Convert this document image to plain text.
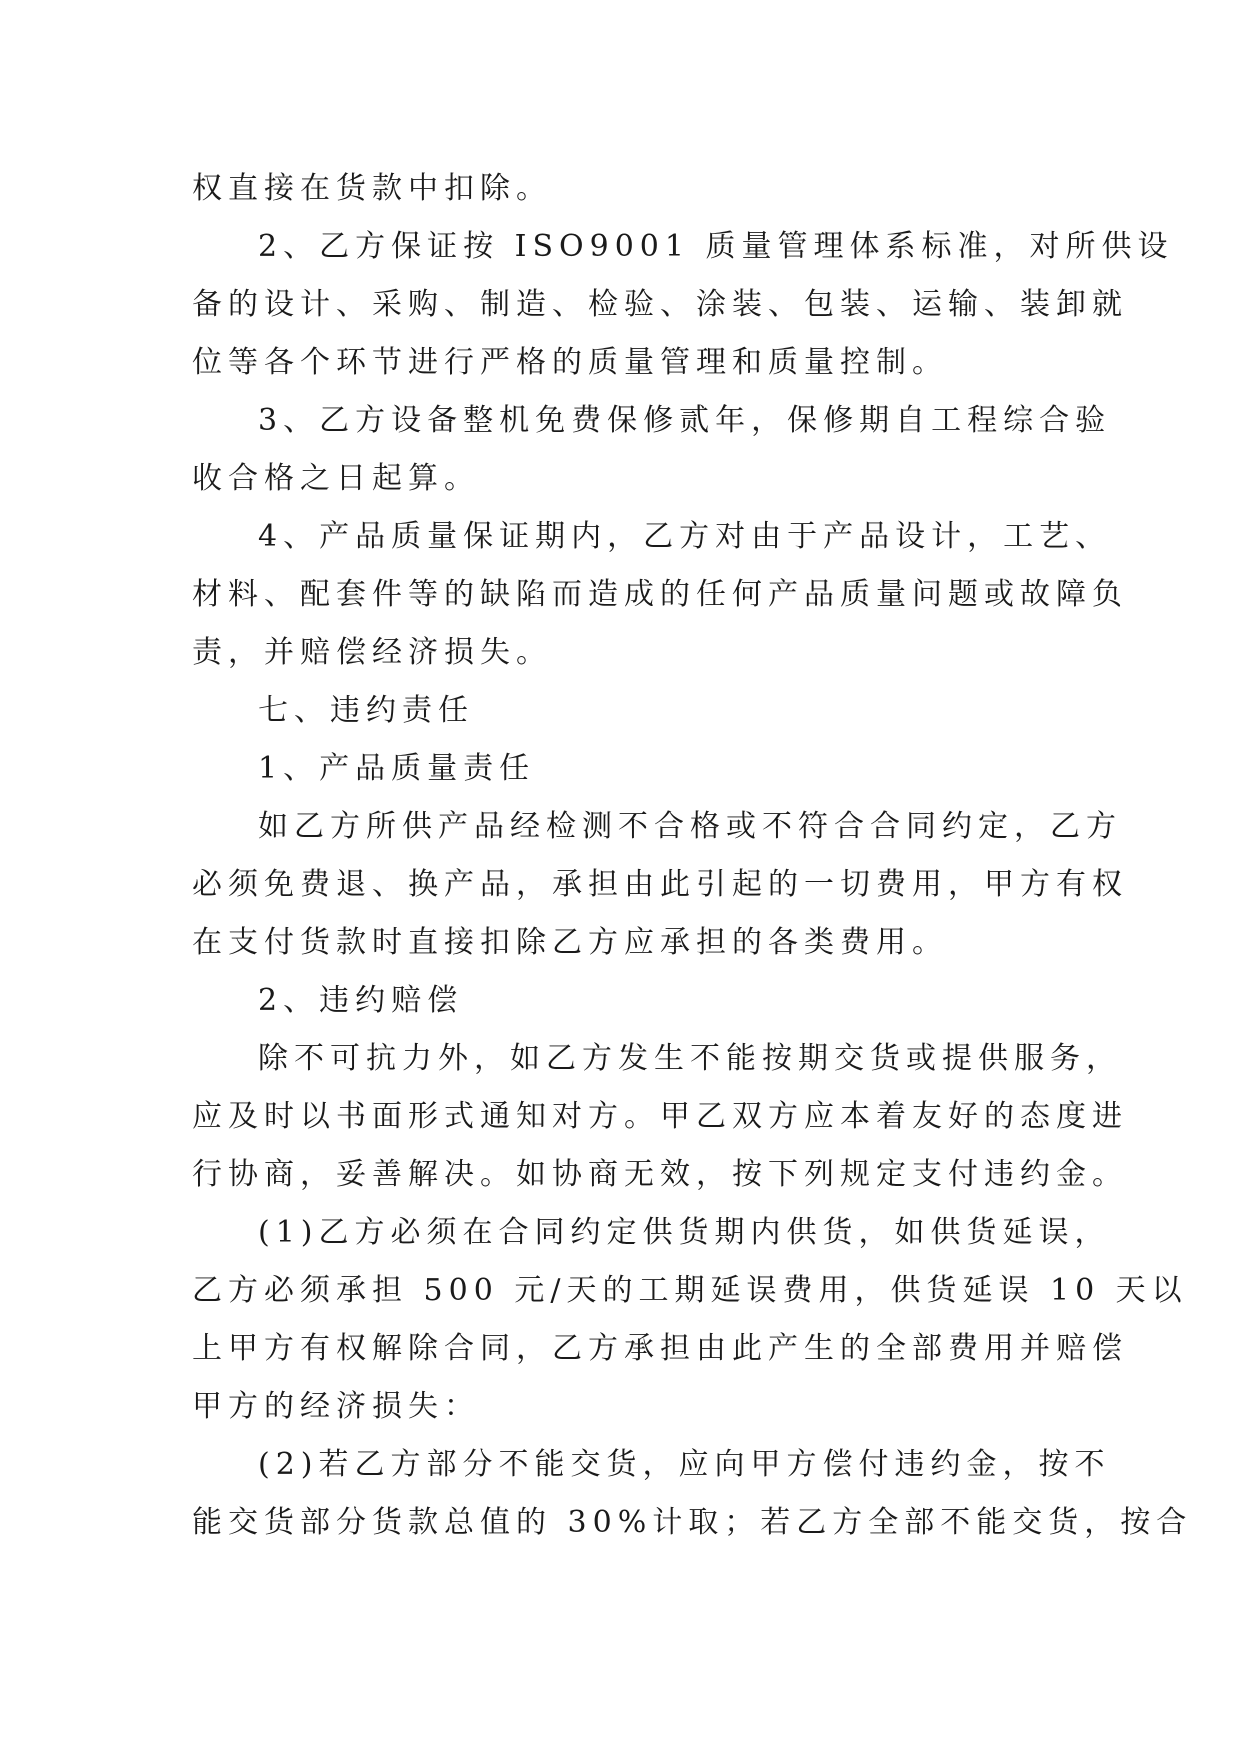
权直接在货款中扣除。
2、乙方保证按 ISO9001 质量管理体系标准，对所供设
备的设计、采购、制造、检验、涂装、包装、运输、装卸就
位等各个环节进行严格的质量管理和质量控制。
3、乙方设备整机免费保修贰年，保修期自工程综合验
收合格之日起算。
4、产品质量保证期内，乙方对由于产品设计，工艺、
材料、配套件等的缺陷而造成的任何产品质量问题或故障负
责，并赔偿经济损失。
七、违约责任
1、产品质量责任
如乙方所供产品经检测不合格或不符合合同约定，乙方
必须免费退、换产品，承担由此引起的一切费用，甲方有权
在支付货款时直接扣除乙方应承担的各类费用。
2、违约赔偿
除不可抗力外，如乙方发生不能按期交货或提供服务，
应及时以书面形式通知对方。甲乙双方应本着友好的态度进
行协商，妥善解决。如协商无效，按下列规定支付违约金。
(1)乙方必须在合同约定供货期内供货，如供货延误，
乙方必须承担 500 元/天的工期延误费用，供货延误 10 天以
上甲方有权解除合同，乙方承担由此产生的全部费用并赔偿
甲方的经济损失：
(2)若乙方部分不能交货，应向甲方偿付违约金，按不
能交货部分货款总值的 30%计取；若乙方全部不能交货，按合
